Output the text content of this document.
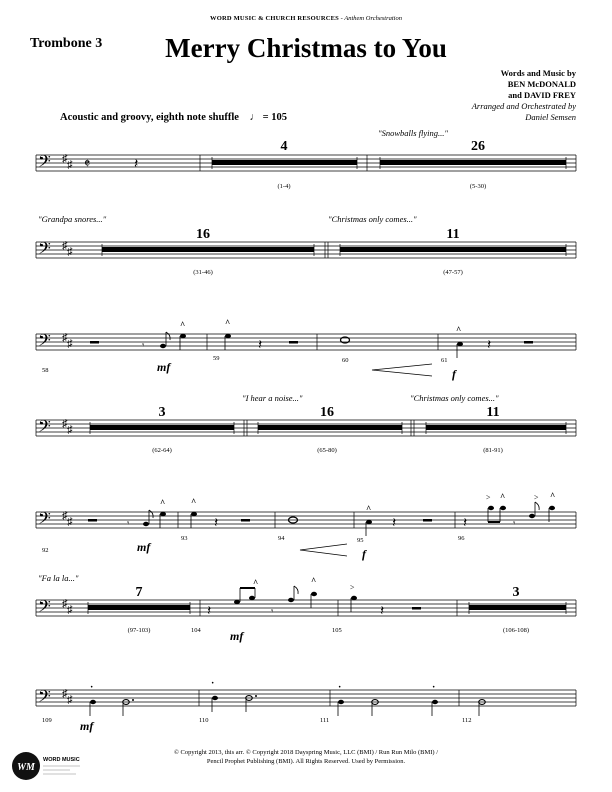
WORD MUSIC & CHURCH RESOURCES - Anthem Orchestration
Trombone 3	Merry Christmas to You
Words and Music by
BEN McDONALD
and DAVID FREY
Arranged and Orchestrated by
Daniel Semsen
Acoustic and groovy, eighth note shuffle ♩ = 105
"Snowballs flying..."
"Grandpa snores..."	"Christmas only comes..."
"I hear a noise..."	"Christmas only comes..."
"Fa la la..."
𝄢 ♯ ♯ 𝄵	𝄽
4
(1-4)
26
(5-30)
𝄢 ♯ ♯
16
(31-46)
11
(47-57)
𝄢 ♯ ♯	𝄾
^
mf
^
𝄽
59
58
60
^
f
61
𝄽
𝄢 ♯ ♯
3
(62-64)
16
(65-80)
11
(81-91)
𝄢 ♯ ♯	𝄾
^
mf
92
^
𝄽
93	94
^
f
95
𝄽	𝄽
> ^
𝄾
> ^
96
𝄢 ♯ ♯
7
(97-103)
𝄽
^
𝄾
^
mf
104
>
𝄽
105
3
(106-108)
𝄢 ♯ ♯
·
mf
109
·
110
·	·
111	112
© Copyright 2013, this arr. © Copyright 2018 Dayspring Music, LLC (BMI) / Run Run Milo (BMI) /
Pencil Prophet Publishing (BMI). All Rights Reserved. Used by Permission.
WM
WORD MUSIC
